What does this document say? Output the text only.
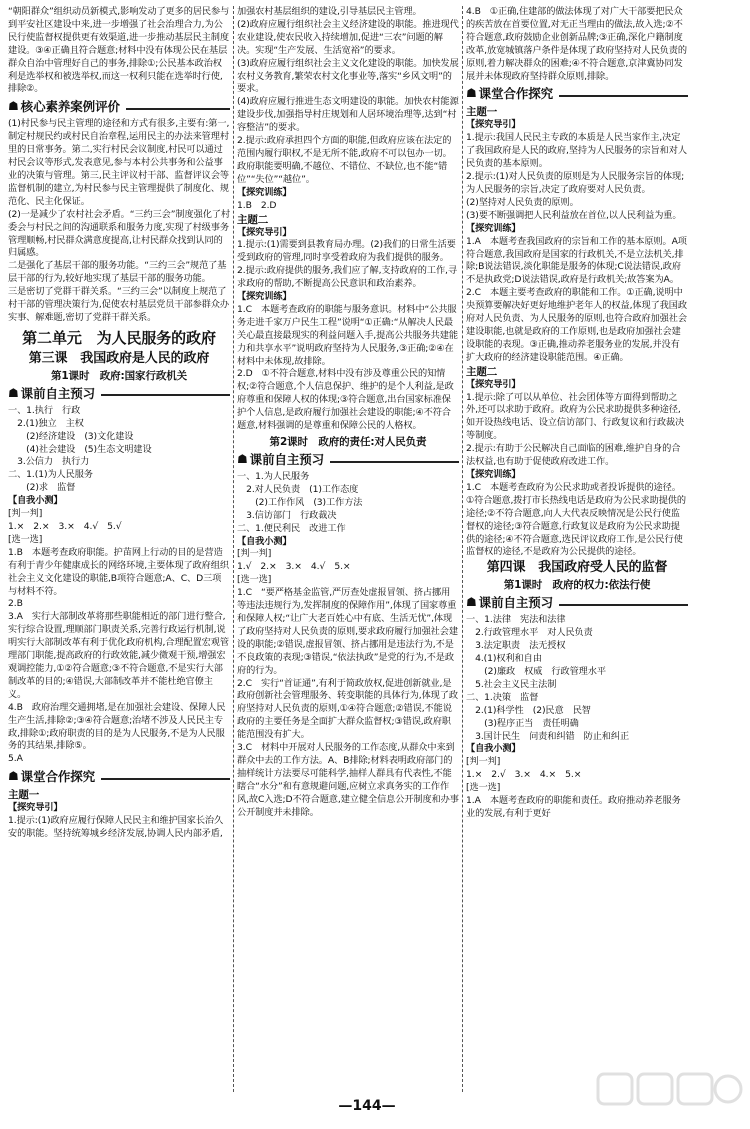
“朝阳群众”组织动员新模式,影响发动了更多的居民参与到平安社区建设中来,进一步增强了社会治理合力,为公民行使监督权提供更有效渠道,进一步推动基层民主制度建设。③④正确且符合题意;材料中没有体现公民在基层群众自治中管理好自己的事务,排除①;公民基本政治权利是选举权和被选举权,而这一权利只能在选举时行使,排除②。

☗ 核心素养案例评价

(1)村民参与民主管理的途径和方式有很多,主要有:第一,制定村规民约或村民自治章程,运用民主的办法来管理村里的日常事务。第二,实行村民会议制度,村民可以通过村民会议等形式,发表意见,参与本村公共事务和公益事业的决策与管理。第三,民主评议村干部、监督评议会等监督机制的建立,为村民参与民主管理提供了制度化、规范化、民主化保证。

(2)一是减少了农村社会矛盾。“三约三会”制度强化了村委会与村民之间的沟通联系和服务力度,实现了村级事务管理顺畅,村民群众满意度提高,让村民群众找到认同的归属感。

二是强化了基层干部的服务功能。“三约三会”规范了基层干部的行为,较好地实现了基层干部的服务功能。

三是密切了党群干群关系。“三约三会”以制度上规范了村干部的管理决策行为,促使农村基层党员干部参群众办实事、解难题,密切了党群干群关系。

第二单元　为人民服务的政府
第三课　我国政府是人民的政府
第1课时　政府:国家行政机关
☗ 课前自主预习

一、1.执行　行政

　2.(1)独立　主权

　　(2)经济建设　(3)文化建设

　　(4)社会建设　(5)生态文明建设

　3.公信力　执行力

二、1.(1)为人民服务

　　(2)求　监督

【自我小测】

[判一判]

1.×　2.×　3.×　4.√　5.√

[选一选]

1.B　本题考查政府职能。护苗网上行动的目的是营造有利于青少年健康成长的网络环境,主要体现了政府组织社会主义文化建设的职能,B项符合题意;A、C、D三项与材料不符。

2.B

3.A　实行大部制改革将那些职能相近的部门进行整合,实行综合设置,理顺部门职责关系,完善行政运行机制,说明实行大部制改革有利于优化政府机构,合理配置宏观管理部门职能,提高政府的行政效能,减少微观干预,增强宏观调控能力,①②符合题意;③不符合题意,不是实行大部制改革的目的;④错误,大部制改革并不能杜绝官僚主义。

4.B　政府治理交通拥堵,是在加强社会建设、保障人民生产生活,排除②;③④符合题意;治堵不涉及人民民主专政,排除①;政府职责的目的是为人民服务,不是为人民服务的其结果,排除⑤。

5.A

☗ 课堂合作探究
主题一
【探究导引】

1.提示:(1)政府应履行保障人民民主和维护国家长治久安的职能。坚持统筹城乡经济发展,协调人民内部矛盾,

加强农村基层组织的建设,引导基层民主管理。

(2)政府应履行组织社会主义经济建设的职能。推进现代农业建设,使农民收入持续增加,促进“三农”问题的解决。实现“生产发展、生活宽裕”的要求。

(3)政府应履行组织社会主义文化建设的职能。加快发展农村义务教育,繁荣农村文化事业等,落实“乡风文明”的要求。

(4)政府应履行推进生态文明建设的职能。加快农村能源建设步伐,加强指导村庄规划和人居环境治理等,达到“村容整洁”的要求。

2.提示:政府承担四个方面的职能,但政府应该在法定的范围内履行职权,不是无所不能,政府不可以包办一切。政府职能要明确,不越位、不错位、不缺位,也不能“错位”“失位”“越位”。

【探究训练】

1.B　2.D

主题二
【探究导引】

1.提示:(1)需要到县教育局办理。(2)我们的日常生活要受到政府的管理,同时享受着政府为我们提供的服务。

2.提示:政府提供的服务,我们应了解,支持政府的工作,寻求政府的帮助,不断提高公民意识和政治素养。

【探究训练】

1.C　本题考查政府的职能与服务意识。材料中“公共服务走进千家万户民生工程”说明“①正确:“从解决人民最关心最直接最现实的利益问题入手,提高公共服务共建能力和共享水平”说明政府坚持为人民服务,③正确;②④在材料中未体现,故排除。

2.D　①不符合题意,材料中没有涉及尊重公民的知情权;②符合题意,个人信息保护、维护的是个人利益,是政府尊重和保障人权的体现;③符合题意,出台国家标准保护个人信息,是政府履行加强社会建设的职能;④不符合题意,材料强调的是尊重和保障公民的人格权。

第2课时　政府的责任:对人民负责
☗ 课前自主预习

一、1.为人民服务

　2.对人民负责　(1)工作态度

　　(2)工作作风　(3)工作方法

　3.信访部门　行政裁决

二、1.便民利民　改进工作

【自我小测】

[判一判]

1.√　2.×　3.×　4.√　5.×

[选一选]

1.C　“要严格基金监管,严厉查处虚报冒领、挤占挪用等违法违规行为,发挥制度的保障作用”,体现了国家尊重和保障人权;“让广大老百姓心中有底、生活无忧”,体现了政府坚持对人民负责的原则,要求政府履行加强社会建设的职能;②错误,虚报冒领、挤占挪用是违法行为,不是不良政策的表现;③错误,“依法执政”是党的行为,不是政府的行为。

2.C　实行“首证通”,有利于简政放权,促进创新就业,是政府创新社会管理服务、转变职能的具体行为,体现了政府坚持对人民负责的原则,①④符合题意;②错误,不能说政府的主要任务是全面扩大群众监督权;③错误,政府职能范围没有扩大。

3.C　材料中开展对人民服务的工作态度,从群众中来到群众中去的工作方法。A、B排除;材料表明政府部门的抽样统计方法要尽可能科学,抽样人群具有代表性,不能瞎合“水分”和有意规避问题,应树立求真务实的工作作风,故C入选;D不符合题意,建立健全信息公开制度和办事公开制度并未排除。

4.B　①正确,住建部的做法体现了对广大干部要把民众的疾苦放在首要位置,对无正当理由的做法,故入选;②不符合题意,政府鼓励企业创新品牌;③正确,深化户籍制度改革,放宽城镇落户条件是体现了政府坚持对人民负责的原则,着力解决群众的困难;④不符合题意,京津冀协同发展并未体现政府坚持群众原则,排除。

☗ 课堂合作探究
主题一
【探究导引】

1.提示:我国人民民主专政的本质是人民当家作主,决定了我国政府是人民的政府,坚持为人民服务的宗旨和对人民负责的基本原则。

2.提示:(1)对人民负责的原则是为人民服务宗旨的体现;为人民服务的宗旨,决定了政府要对人民负责。

(2)坚持对人民负责的原则。

(3)要不断强调把人民利益放在首位,以人民利益为重。

【探究训练】

1.A　本题考查我国政府的宗旨和工作的基本原则。A项符合题意,我国政府是国家的行政机关,不是立法机关,排除;B说法错误,淡化职能是服务的体现;C说法错误,政府不是执政党;D说法错误,政府是行政机关;故答案为A。

2.C　本题主要考查政府的职能和工作。①正确,说明中央预算要解决好更好地维护老年人的权益,体现了我国政府对人民负责、为人民服务的原则,也符合政府加强社会建设职能,也就是政府的工作原则,也是政府加强社会建设职能的表现。③正确,推动养老服务业的发展,并没有扩大政府的经济建设职能范围。④正确。

主题二
【探究导引】

1.提示:除了可以从单位、社会团体等方面得到帮助之外,还可以求助于政府。政府为公民求助提供多种途径,如开设热线电话、设立信访部门、行政复议和行政裁决等制度。

2.提示:有助于公民解决自己面临的困难,维护自身的合法权益,也有助于促使政府改进工作。

【探究训练】

1.C　本题考查政府为公民求助或者投诉提供的途径。①符合题意,拨打市长热线电话是政府为公民求助提供的途径;②不符合题意,向人大代表反映情况是公民行使监督权的途径;③符合题意,行政复议是政府为公民求助提供的途径;④不符合题意,选民评议政府工作,是公民行使监督权的途径,不是政府为公民提供的途径。

第四课　我国政府受人民的监督
第1课时　政府的权力:依法行使
☗ 课前自主预习

一、1.法律　宪法和法律

　2.行政管理水平　对人民负责

　3.法定职责　法无授权

　4.(1)权利和自由

　　(2)廉政　权威　行政管理水平

　5.社会主义民主法制

二、1.决策　监督

　2.(1)科学性　(2)民意　民智

　　(3)程序正当　责任明确

　3.国计民生　问责和纠错　防止和纠正

【自我小测】

[判一判]

1.×　2.√　3.×　4.×　5.×

[选一选]

1.A　本题考查政府的职能和责任。政府推动养老服务业的发展,有利于更好

—144—
